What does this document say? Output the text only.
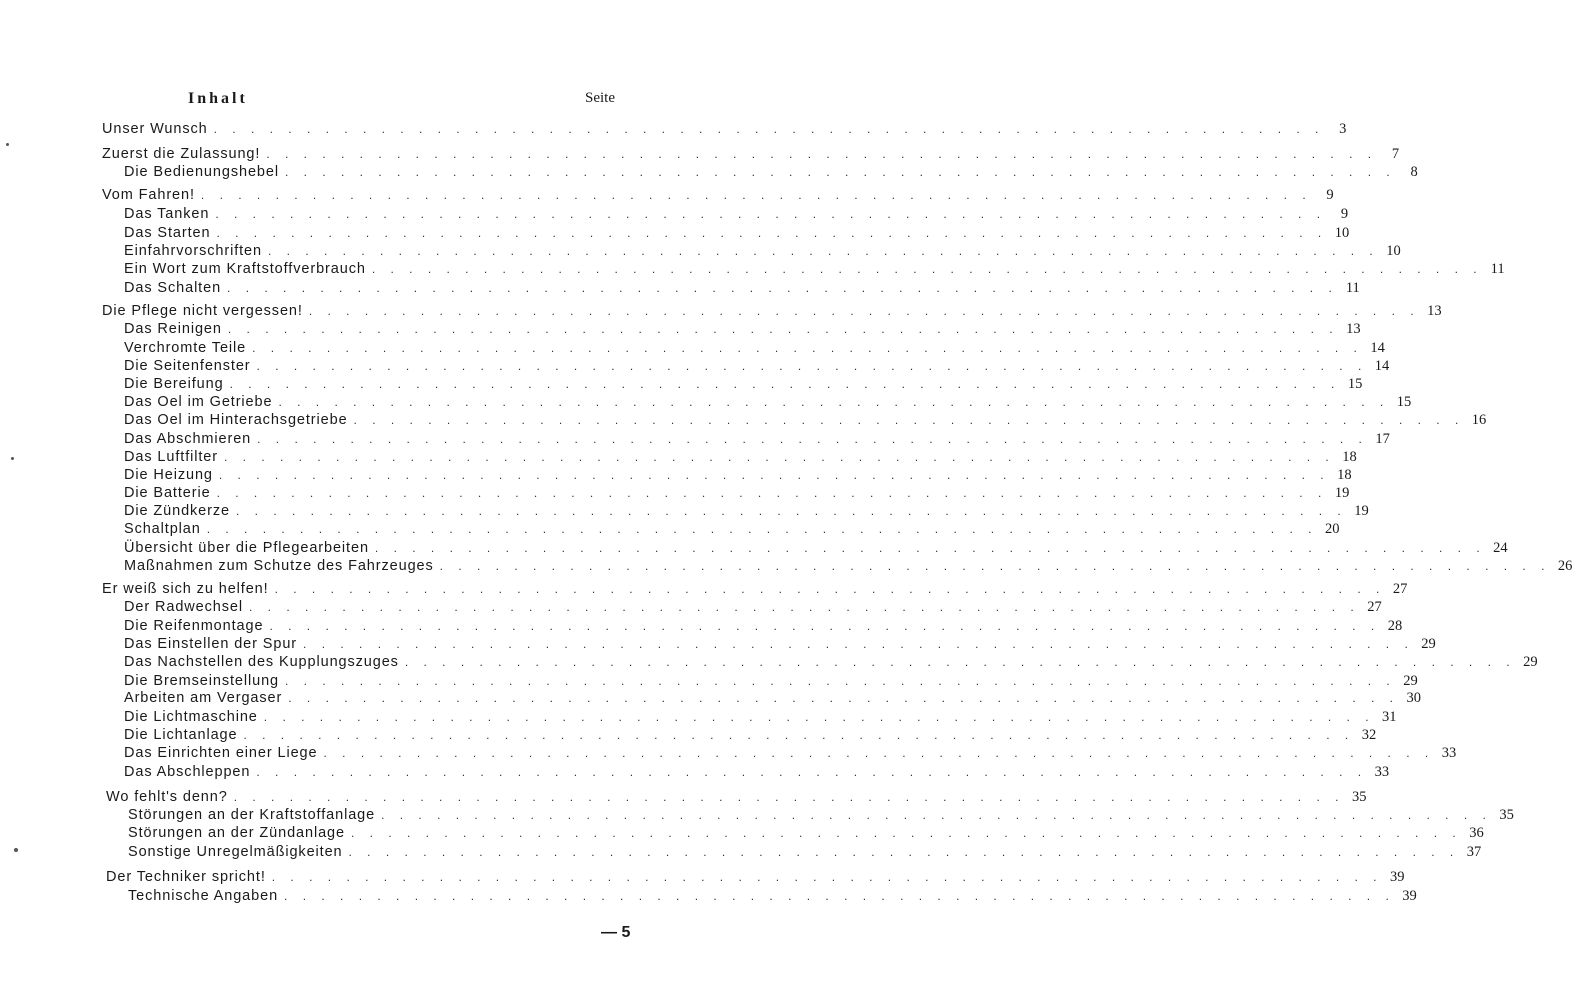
Inhalt	Seite
Unser Wunsch . . . . . . . . . . . . . . . . . . . . . . . . . . . . . . . . . . . . . . . . . . . . . . . . . . . . . . . . . . . .	3
Zuerst die Zulassung! . . . . . . . . . . . . . . . . . . . . . . . . . . . . . . . . . . . . . . . . . . . . . . . . . . . . . . . . . . . .	7
Die Bedienungshebel . . . . . . . . . . . . . . . . . . . . . . . . . . . . . . . . . . . . . . . . . . . . . . . . . . . . . . . . . . . .	8
Vom Fahren! . . . . . . . . . . . . . . . . . . . . . . . . . . . . . . . . . . . . . . . . . . . . . . . . . . . . . . . . . . . .	9
Das Tanken . . . . . . . . . . . . . . . . . . . . . . . . . . . . . . . . . . . . . . . . . . . . . . . . . . . . . . . . . . . .	9
Das Starten . . . . . . . . . . . . . . . . . . . . . . . . . . . . . . . . . . . . . . . . . . . . . . . . . . . . . . . . . . . . 10
Einfahrvorschriften . . . . . . . . . . . . . . . . . . . . . . . . . . . . . . . . . . . . . . . . . . . . . . . . . . . . . . . . . . . . 10
Ein Wort zum Kraftstoffverbrauch . . . . . . . . . . . . . . . . . . . . . . . . . . . . . . . . . . . . . . . . . . . . . . . . . . . . . . . . . . . . 11
Das Schalten . . . . . . . . . . . . . . . . . . . . . . . . . . . . . . . . . . . . . . . . . . . . . . . . . . . . . . . . . . . . 11
Die Pflege nicht vergessen! . . . . . . . . . . . . . . . . . . . . . . . . . . . . . . . . . . . . . . . . . . . . . . . . . . . . . . . . . . . . 13
Das Reinigen . . . . . . . . . . . . . . . . . . . . . . . . . . . . . . . . . . . . . . . . . . . . . . . . . . . . . . . . . . . . 13
Verchromte Teile . . . . . . . . . . . . . . . . . . . . . . . . . . . . . . . . . . . . . . . . . . . . . . . . . . . . . . . . . . . . 14
Die Seitenfenster . . . . . . . . . . . . . . . . . . . . . . . . . . . . . . . . . . . . . . . . . . . . . . . . . . . . . . . . . . . . 14
Die Bereifung . . . . . . . . . . . . . . . . . . . . . . . . . . . . . . . . . . . . . . . . . . . . . . . . . . . . . . . . . . . . 15
Das Oel im Getriebe . . . . . . . . . . . . . . . . . . . . . . . . . . . . . . . . . . . . . . . . . . . . . . . . . . . . . . . . . . . . 15
Das Oel im Hinterachsgetriebe . . . . . . . . . . . . . . . . . . . . . . . . . . . . . . . . . . . . . . . . . . . . . . . . . . . . . . . . . . . . 16
Das Abschmieren . . . . . . . . . . . . . . . . . . . . . . . . . . . . . . . . . . . . . . . . . . . . . . . . . . . . . . . . . . . . 17
Das Luftfilter . . . . . . . . . . . . . . . . . . . . . . . . . . . . . . . . . . . . . . . . . . . . . . . . . . . . . . . . . . . . 18
Die Heizung . . . . . . . . . . . . . . . . . . . . . . . . . . . . . . . . . . . . . . . . . . . . . . . . . . . . . . . . . . . . 18
Die Batterie . . . . . . . . . . . . . . . . . . . . . . . . . . . . . . . . . . . . . . . . . . . . . . . . . . . . . . . . . . . . 19
Die Zündkerze . . . . . . . . . . . . . . . . . . . . . . . . . . . . . . . . . . . . . . . . . . . . . . . . . . . . . . . . . . . . 19
Schaltplan . . . . . . . . . . . . . . . . . . . . . . . . . . . . . . . . . . . . . . . . . . . . . . . . . . . . . . . . . . . . 20
Übersicht über die Pflegearbeiten . . . . . . . . . . . . . . . . . . . . . . . . . . . . . . . . . . . . . . . . . . . . . . . . . . . . . . . . . . . . 24
Maßnahmen zum Schutze des Fahrzeuges . . . . . . . . . . . . . . . . . . . . . . . . . . . . . . . . . . . . . . . . . . . . . . . . . . . . . . . . . . . . 26
Er weiß sich zu helfen! . . . . . . . . . . . . . . . . . . . . . . . . . . . . . . . . . . . . . . . . . . . . . . . . . . . . . . . . . . . . 27
Der Radwechsel . . . . . . . . . . . . . . . . . . . . . . . . . . . . . . . . . . . . . . . . . . . . . . . . . . . . . . . . . . . . 27
Die Reifenmontage . . . . . . . . . . . . . . . . . . . . . . . . . . . . . . . . . . . . . . . . . . . . . . . . . . . . . . . . . . . . 28
Das Einstellen der Spur . . . . . . . . . . . . . . . . . . . . . . . . . . . . . . . . . . . . . . . . . . . . . . . . . . . . . . . . . . . . 29
Das Nachstellen des Kupplungszuges . . . . . . . . . . . . . . . . . . . . . . . . . . . . . . . . . . . . . . . . . . . . . . . . . . . . . . . . . . . . 29
Die Bremseinstellung . . . . . . . . . . . . . . . . . . . . . . . . . . . . . . . . . . . . . . . . . . . . . . . . . . . . . . . . . . . . 29
Arbeiten am Vergaser . . . . . . . . . . . . . . . . . . . . . . . . . . . . . . . . . . . . . . . . . . . . . . . . . . . . . . . . . . . . 30
Die Lichtmaschine . . . . . . . . . . . . . . . . . . . . . . . . . . . . . . . . . . . . . . . . . . . . . . . . . . . . . . . . . . . . 31
Die Lichtanlage . . . . . . . . . . . . . . . . . . . . . . . . . . . . . . . . . . . . . . . . . . . . . . . . . . . . . . . . . . . . 32
Das Einrichten einer Liege . . . . . . . . . . . . . . . . . . . . . . . . . . . . . . . . . . . . . . . . . . . . . . . . . . . . . . . . . . . . 33
Das Abschleppen . . . . . . . . . . . . . . . . . . . . . . . . . . . . . . . . . . . . . . . . . . . . . . . . . . . . . . . . . . . . 33
Wo fehlt's denn? . . . . . . . . . . . . . . . . . . . . . . . . . . . . . . . . . . . . . . . . . . . . . . . . . . . . . . . . . . . . 35
Störungen an der Kraftstoffanlage . . . . . . . . . . . . . . . . . . . . . . . . . . . . . . . . . . . . . . . . . . . . . . . . . . . . . . . . . . . . 35
Störungen an der Zündanlage . . . . . . . . . . . . . . . . . . . . . . . . . . . . . . . . . . . . . . . . . . . . . . . . . . . . . . . . . . . . 36
Sonstige Unregelmäßigkeiten . . . . . . . . . . . . . . . . . . . . . . . . . . . . . . . . . . . . . . . . . . . . . . . . . . . . . . . . . . . . 37
Der Techniker spricht! . . . . . . . . . . . . . . . . . . . . . . . . . . . . . . . . . . . . . . . . . . . . . . . . . . . . . . . . . . . . 39
Technische Angaben . . . . . . . . . . . . . . . . . . . . . . . . . . . . . . . . . . . . . . . . . . . . . . . . . . . . . . . . . . . . 39
— 5
